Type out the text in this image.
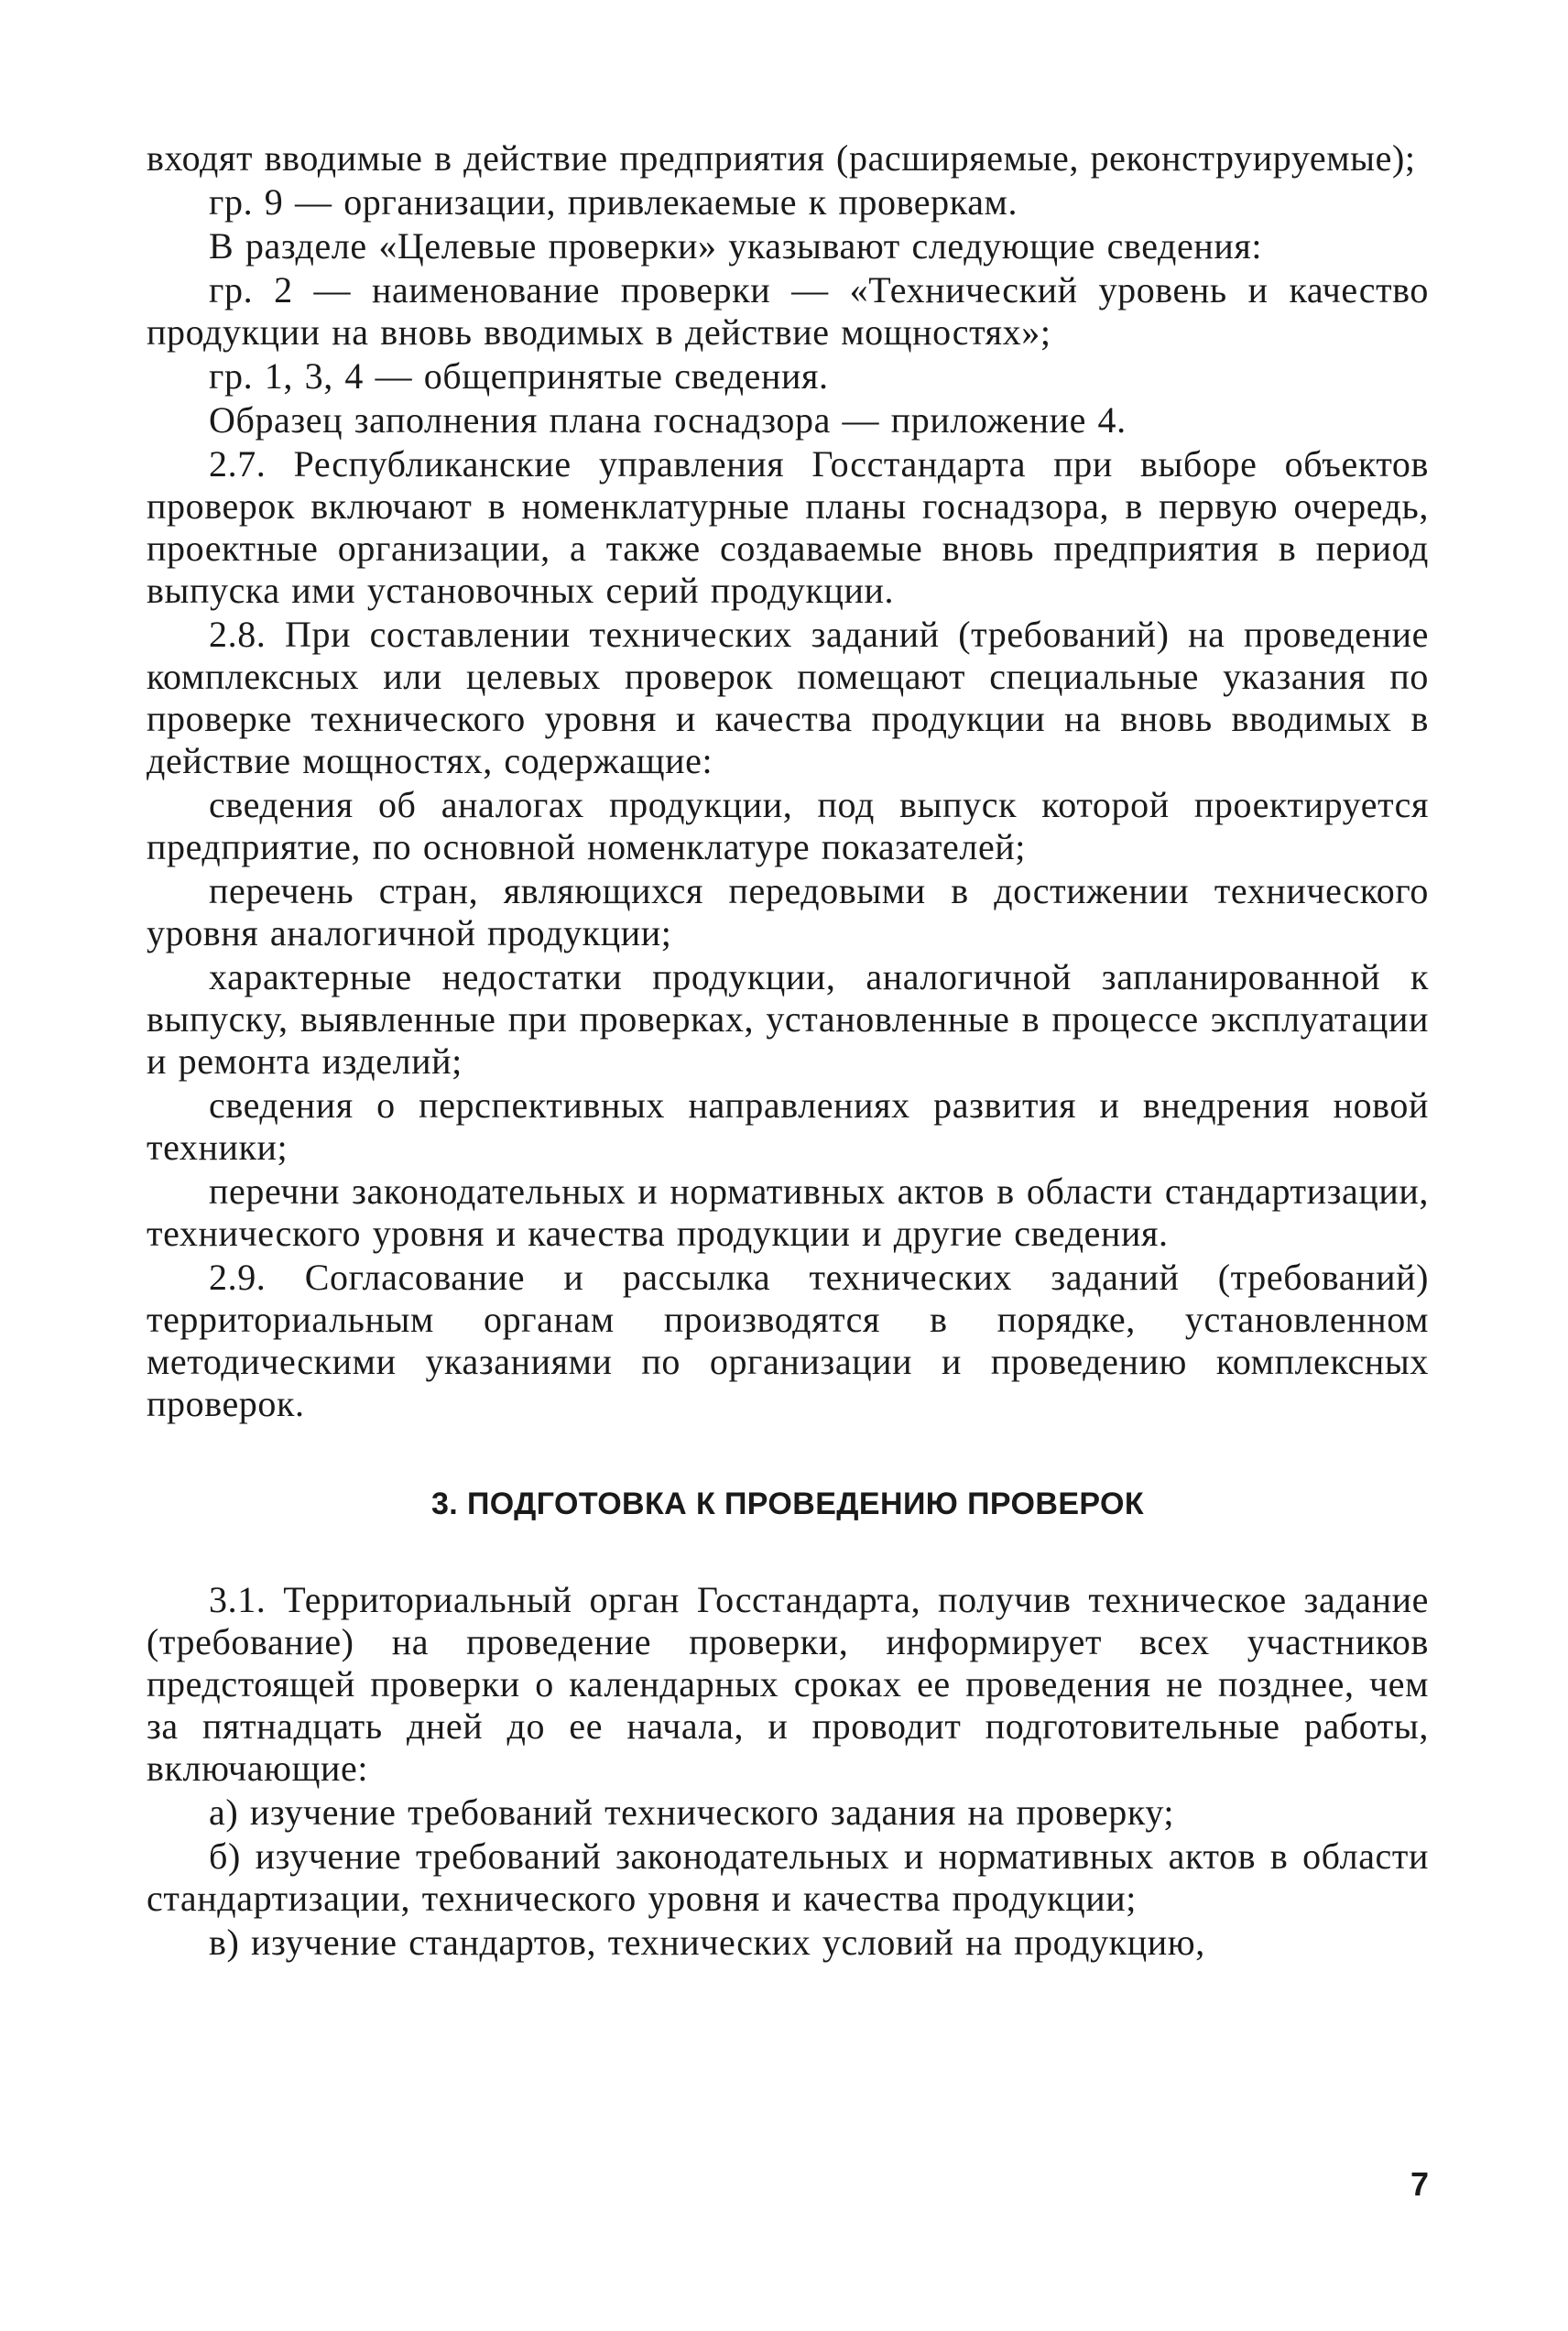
входят вводимые в действие предприятия (расширяемые, реконструируемые);

гр. 9 — организации, привлекаемые к проверкам.

В разделе «Целевые проверки» указывают следующие сведения:

гр. 2 — наименование проверки — «Технический уровень и качество продукции на вновь вводимых в действие мощностях»;

гр. 1, 3, 4 — общепринятые сведения.

Образец заполнения плана госнадзора — приложение 4.

2.7. Республиканские управления Госстандарта при выборе объектов проверок включают в номенклатурные планы госнадзора, в первую очередь, проектные организации, а также создаваемые вновь предприятия в период выпуска ими установочных серий продукции.

2.8. При составлении технических заданий (требований) на проведение комплексных или целевых проверок помещают специальные указания по проверке технического уровня и качества продукции на вновь вводимых в действие мощностях, содержащие:

сведения об аналогах продукции, под выпуск которой проектируется предприятие, по основной номенклатуре показателей;

перечень стран, являющихся передовыми в достижении технического уровня аналогичной продукции;

характерные недостатки продукции, аналогичной запланированной к выпуску, выявленные при проверках, установленные в процессе эксплуатации и ремонта изделий;

сведения о перспективных направлениях развития и внедрения новой техники;

перечни законодательных и нормативных актов в области стандартизации, технического уровня и качества продукции и другие сведения.

2.9. Согласование и рассылка технических заданий (требований) территориальным органам производятся в порядке, установленном методическими указаниями по организации и проведению комплексных проверок.

3. ПОДГОТОВКА К ПРОВЕДЕНИЮ ПРОВЕРОК

3.1. Территориальный орган Госстандарта, получив техническое задание (требование) на проведение проверки, информирует всех участников предстоящей проверки о календарных сроках ее проведения не позднее, чем за пятнадцать дней до ее начала, и проводит подготовительные работы, включающие:

а) изучение требований технического задания на проверку;

б) изучение требований законодательных и нормативных актов в области стандартизации, технического уровня и качества продукции;

в) изучение стандартов, технических условий на продукцию,

7
